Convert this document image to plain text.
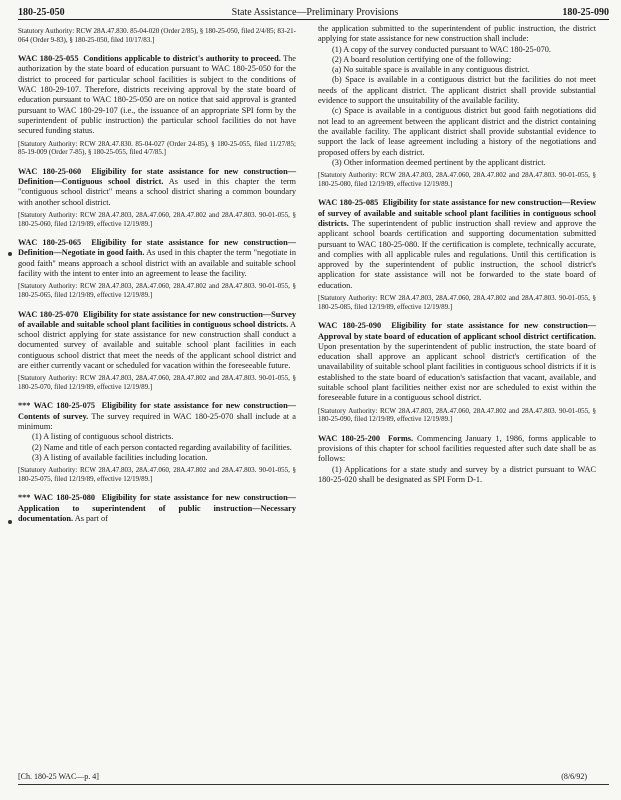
180-25-050	State Assistance—Preliminary Provisions	180-25-090
Statutory Authority: RCW 28A.47.830. 85-04-020 (Order 2/85), § 180-25-050, filed 2/4/85; 83-21-064 (Order 9-83), § 180-25-050, filed 10/17/83.]

WAC 180-25-055 Conditions applicable to district's authority to proceed. The authorization by the state board of education pursuant to WAC 180-25-050 for the district to proceed for particular school facilities is subject to the conditions of WAC 180-29-107. Therefore, districts receiving approval by the state board of education pursuant to WAC 180-25-050 are on notice that said approval is granted pursuant to WAC 180-29-107 (i.e., the issuance of an appropriate SPI form by the superintendent of public instruction) the particular school facilities do not have secured funding status.

[Statutory Authority: RCW 28A.47.830. 85-04-027 (Order 24-85), § 180-25-055, filed 11/27/85; 85-19-009 (Order 7-85), § 180-25-055, filed 4/7/85.]

WAC 180-25-060 Eligibility for state assistance for new construction—Definition—Contiguous school district. As used in this chapter the term "contiguous school district" means a school district sharing a common boundary with another school district.

[Statutory Authority: RCW 28A.47.803, 28A.47.060, 28A.47.802 and 28A.47.803. 90-01-055, § 180-25-060, filed 12/19/89, effective 12/19/89.]

WAC 180-25-065 Eligibility for state assistance for new construction—Definition—Negotiate in good faith. As used in this chapter the term "negotiate in good faith" means approach a school district with an available and suitable school facility with the intent to enter into an agreement to lease the facility.

[Statutory Authority: RCW 28A.47.803, 28A.47.060, 28A.47.802 and 28A.47.803. 90-01-055, § 180-25-065, filed 12/19/89, effective 12/19/89.]

WAC 180-25-070 Eligibility for state assistance for new construction—Survey of available and suitable school plant facilities in contiguous school districts. A school district applying for state assistance for new construction shall conduct a documented survey of available and suitable school plant facilities in each contiguous school district that meet the needs of the applicant school district and are either currently vacant or scheduled for vacation within the foreseeable future.

[Statutory Authority: RCW 28A.47.803, 28A.47.060, 28A.47.802 and 28A.47.803. 90-01-055, § 180-25-070, filed 12/19/89, effective 12/19/89.]

*** WAC 180-25-075 Eligibility for state assistance for new construction—Contents of survey. The survey required in WAC 180-25-070 shall include at a minimum:

(1) A listing of contiguous school districts.

(2) Name and title of each person contacted regarding availability of facilities.

(3) A listing of available facilities including location.

[Statutory Authority: RCW 28A.47.803, 28A.47.060, 28A.47.802 and 28A.47.803. 90-01-055, § 180-25-075, filed 12/19/89, effective 12/19/89.]

*** WAC 180-25-080 Eligibility for state assistance for new construction—Application to superintendent of public instruction—Necessary documentation. As part of

the application submitted to the superintendent of public instruction, the district applying for state assistance for new construction shall include:

(1) A copy of the survey conducted pursuant to WAC 180-25-070.

(2) A board resolution certifying one of the following:

(a) No suitable space is available in any contiguous district.

(b) Space is available in a contiguous district but the facilities do not meet needs of the applicant district. The applicant district shall provide substantial evidence to support the unsuitability of the available facility.

(c) Space is available in a contiguous district but good faith negotiations did not lead to an agreement between the applicant district and the district containing the available facility. The applicant district shall provide substantial evidence to support the lack of lease agreement including a history of the negotiations and proposed offers by each district.

(3) Other information deemed pertinent by the applicant district.

[Statutory Authority: RCW 28A.47.803, 28A.47.060, 28A.47.802 and 28A.47.803. 90-01-055, § 180-25-080, filed 12/19/89, effective 12/19/89.]

WAC 180-25-085 Eligibility for state assistance for new construction—Review of survey of available and suitable school plant facilities in contiguous school districts. The superintendent of public instruction shall review and approve the applicant school boards certification and supporting documentation submitted pursuant to WAC 180-25-080. If the certification is complete, technically accurate, and complies with all applicable rules and regulations. Until this certification is approved by the superintendent of public instruction, the school district's application for state assistance will not be forwarded to the state board of education.

[Statutory Authority: RCW 28A.47.803, 28A.47.060, 28A.47.802 and 28A.47.803. 90-01-055, § 180-25-085, filed 12/19/89, effective 12/19/89.]

WAC 180-25-090 Eligibility for state assistance for new construction—Approval by state board of education of applicant school district certification. Upon presentation by the superintendent of public instruction, the state board of education shall approve an applicant school district's certification of the unavailability of suitable school plant facilities in contiguous school districts if it is established to the state board of education's satisfaction that vacant, available, and suitable school plant facilities neither exist nor are scheduled to exist within the foreseeable future in a contiguous school district.

[Statutory Authority: RCW 28A.47.803, 28A.47.060, 28A.47.802 and 28A.47.803. 90-01-055, § 180-25-090, filed 12/19/89, effective 12/19/89.]

WAC 180-25-200 Forms. Commencing January 1, 1986, forms applicable to provisions of this chapter for school facilities requested after such date shall be as follows:

(1) Applications for a state study and survey by a district pursuant to WAC 180-25-020 shall be designated as SPI Form D-1.

[Ch. 180-25 WAC—p. 4]	(8/6/92)
